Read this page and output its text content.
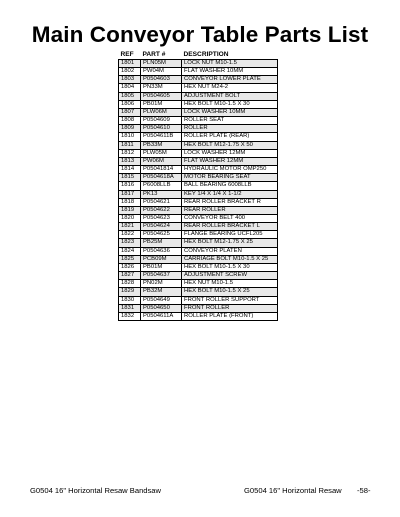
Main Conveyor Table Parts List
REF	PART #	DESCRIPTION
1801	PLN05M	LOCK NUT M10-1.5
1802	PW04M	FLAT WASHER 10MM
1803	P0504603	CONVEYOR LOWER PLATE
1804	PN33M	HEX NUT M24-2
1805	P0504605	ADJUSTMENT BOLT
1806	PB01M	HEX BOLT M10-1.5 X 30
1807	PLW06M	LOCK WASHER 10MM
1808	P0504609	ROLLER SEAT
1809	P0504610	ROLLER
1810	P0504611B	ROLLER PLATE (REAR)
1811	PB33M	HEX BOLT M12-1.75 X 50
1812	PLW05M	LOCK WASHER 12MM
1813	PW06M	FLAT WASHER 12MM
1814	P05041814	HYDRAULIC MOTOR OMP250
1815	P0504618A	MOTOR BEARING SEAT
1816	P6008LLB	BALL BEARING 6008LLB
1817	PK13	KEY 1/4 X 1/4 X 1-1/2
1818	P0504621	REAR ROLLER BRACKET R
1819	P0504622	REAR ROLLER
1820	P0504623	CONVEYOR BELT 400
1821	P0504624	REAR ROLLER BRACKET L
1822	P0504625	FLANGE BEARING UCFL205
1823	PB25M	HEX BOLT M12-1.75 X 25
1824	P0504636	CONVEYOR PLATEN
1825	PCB09M	CARRIAGE BOLT M10-1.5 X 25
1826	PB01M	HEX BOLT M10-1.5 X 30
1827	P0504637	ADJUSTMENT SCREW
1828	PN02M	HEX NUT M10-1.5
1829	PB32M	HEX BOLT M10-1.5 X 25
1830	P0504649	FRONT ROLLER SUPPORT
1831	P0504650	FRONT ROLLER
1832	P0504611A	ROLLER PLATE (FRONT)
G0504 16" Horizontal Resaw Bandsaw	G0504 16" Horizontal Resaw -58-
